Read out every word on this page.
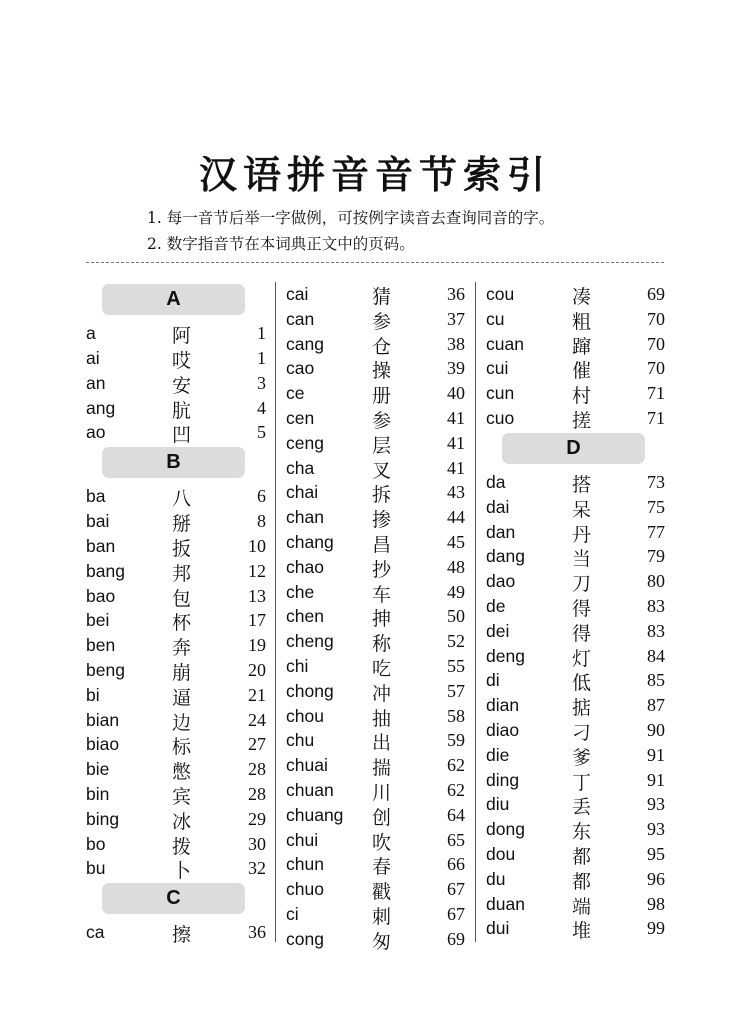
汉语拼音音节索引
1. 每一音节后举一字做例，可按例字读音去查询同音的字。
2. 数字指音节在本词典正文中的页码。
A
a	阿	1
ai	哎	1
an	安	3
ang	肮	4
ao	凹	5
B
ba	八	6
bai	掰	8
ban	扳	10
bang 邦	12
bao	包	13
bei	杯	17
ben	奔	19
beng 崩	20
bi	逼	21
bian	边	24
biao	标	27
bie	憋	28
bin	宾	28
bing	冰	29
bo	拨	30
bu	卜	32
C
ca	擦	36
cai	猜	36
can	参	37
cang	仓	38
cao	操	39
ce	册	40
cen	参	41
ceng	层	41
cha	叉	41
chai	拆	43
chan	掺	44
chang 昌	45
chao	抄	48
che	车	49
chen	抻	50
cheng 称	52
chi	吃	55
chong 冲	57
chou	抽	58
chu	出	59
chuai 揣	62
chuan 川	62
chuang 创	64
chui	吹	65
chun	春	66
chuo	戳	67
ci	刺	67
cong	匆	69
cou	凑	69
cu	粗	70
cuan	蹿	70
cui	催	70
cun	村	71
cuo	搓	71
D
da	搭	73
dai	呆	75
dan	丹	77
dang 当	79
dao	刀	80
de	得	83
dei	得	83
deng 灯	84
di	低	85
dian	掂	87
diao	刁	90
die	爹	91
ding	丁	91
diu	丢	93
dong 东	93
dou	都	95
du	都	96
duan 端	98
dui	堆	99
